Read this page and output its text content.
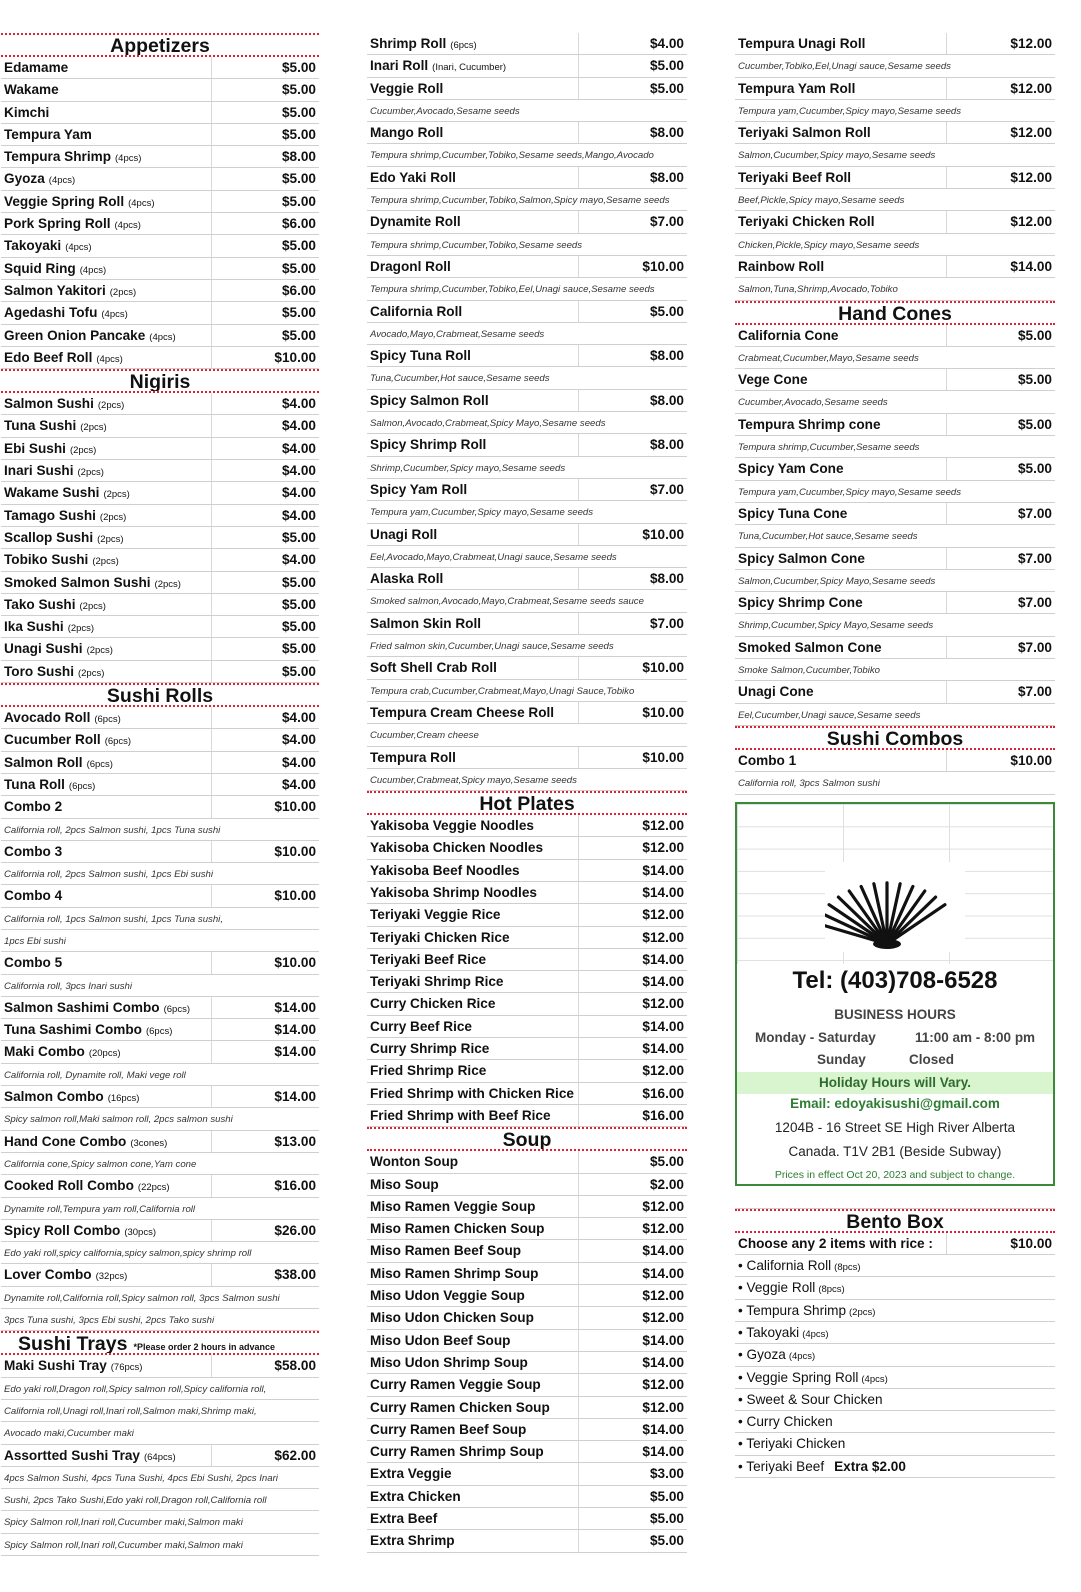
Appetizers
Edamame	$5.00
Wakame	$5.00
Kimchi	$5.00
Tempura Yam	$5.00
Tempura Shrimp (4pcs)	$8.00
Gyoza (4pcs)	$5.00
Veggie Spring Roll (4pcs)	$5.00
Pork Spring Roll (4pcs)	$6.00
Takoyaki (4pcs)	$5.00
Squid Ring (4pcs)	$5.00
Salmon Yakitori (2pcs)	$6.00
Agedashi Tofu (4pcs)	$5.00
Green Onion Pancake (4pcs)	$5.00
Edo Beef Roll (4pcs)	$10.00
Nigiris
Salmon Sushi (2pcs)	$4.00
Tuna Sushi (2pcs)	$4.00
Ebi Sushi (2pcs)	$4.00
Inari Sushi (2pcs)	$4.00
Wakame Sushi (2pcs)	$4.00
Tamago Sushi (2pcs)	$4.00
Scallop Sushi (2pcs)	$5.00
Tobiko Sushi (2pcs)	$4.00
Smoked Salmon Sushi (2pcs)	$5.00
Tako Sushi (2pcs)	$5.00
Ika Sushi (2pcs)	$5.00
Unagi Sushi (2pcs)	$5.00
Toro Sushi (2pcs)	$5.00
Sushi Rolls
Avocado Roll (6pcs)	$4.00
Cucumber Roll (6pcs)	$4.00
Salmon Roll (6pcs)	$4.00
Tuna Roll (6pcs)	$4.00
Combo 2	$10.00
California roll, 2pcs Salmon sushi, 1pcs Tuna sushi
Combo 3	$10.00
California roll, 2pcs Salmon sushi, 1pcs Ebi sushi
Combo 4	$10.00
California roll, 1pcs Salmon sushi, 1pcs Tuna sushi,
1pcs Ebi sushi
Combo 5	$10.00
California roll, 3pcs Inari sushi
Salmon Sashimi Combo (6pcs)	$14.00
Tuna Sashimi Combo (6pcs)	$14.00
Maki Combo (20pcs)	$14.00
California roll, Dynamite roll, Maki vege roll
Salmon Combo (16pcs)	$14.00
Spicy salmon roll,Maki salmon roll, 2pcs salmon sushi
Hand Cone Combo (3cones)	$13.00
California cone,Spicy salmon cone,Yam cone
Cooked Roll Combo (22pcs)	$16.00
Dynamite roll,Tempura yam roll,California roll
Spicy Roll Combo (30pcs)	$26.00
Edo yaki roll,spicy california,spicy salmon,spicy shrimp roll
Lover Combo (32pcs)	$38.00
Dynamite roll,California roll,Spicy salmon roll, 3pcs Salmon sushi
3pcs Tuna sushi, 3pcs Ebi sushi, 2pcs Tako sushi
Sushi Trays *Please order 2 hours in advance
Maki Sushi Tray (76pcs)	$58.00
Edo yaki roll,Dragon roll,Spicy salmon roll,Spicy california roll,
California roll,Unagi roll,Inari roll,Salmon maki,Shrimp maki,
Avocado maki,Cucumber maki
Assortted Sushi Tray (64pcs)	$62.00
4pcs Salmon Sushi, 4pcs Tuna Sushi, 4pcs Ebi Sushi, 2pcs Inari
Sushi, 2pcs Tako Sushi,Edo yaki roll,Dragon roll,California roll
Spicy Salmon roll,Inari roll,Cucumber maki,Salmon maki
Spicy Salmon roll,Inari roll,Cucumber maki,Salmon maki
Shrimp Roll (6pcs)	$4.00
Inari Roll (Inari, Cucumber)	$5.00
Veggie Roll	$5.00
Cucumber,Avocado,Sesame seeds
Mango Roll	$8.00
Tempura shrimp,Cucumber,Tobiko,Sesame seeds,Mango,Avocado
Edo Yaki Roll	$8.00
Tempura shrimp,Cucumber,Tobiko,Salmon,Spicy mayo,Sesame seeds
Dynamite Roll	$7.00
Tempura shrimp,Cucumber,Tobiko,Sesame seeds
Dragonl Roll	$10.00
Tempura shrimp,Cucumber,Tobiko,Eel,Unagi sauce,Sesame seeds
California Roll	$5.00
Avocado,Mayo,Crabmeat,Sesame seeds
Spicy Tuna Roll	$8.00
Tuna,Cucumber,Hot sauce,Sesame seeds
Spicy Salmon Roll	$8.00
Salmon,Avocado,Crabmeat,Spicy Mayo,Sesame seeds
Spicy Shrimp Roll	$8.00
Shrimp,Cucumber,Spicy mayo,Sesame seeds
Spicy Yam Roll	$7.00
Tempura yam,Cucumber,Spicy mayo,Sesame seeds
Unagi Roll	$10.00
Eel,Avocado,Mayo,Crabmeat,Unagi sauce,Sesame seeds
Alaska Roll	$8.00
Smoked salmon,Avocado,Mayo,Crabmeat,Sesame seeds sauce
Salmon Skin Roll	$7.00
Fried salmon skin,Cucumber,Unagi sauce,Sesame seeds
Soft Shell Crab Roll	$10.00
Tempura crab,Cucumber,Crabmeat,Mayo,Unagi Sauce,Tobiko
Tempura Cream Cheese Roll	$10.00
Cucumber,Cream cheese
Tempura Roll	$10.00
Cucumber,Crabmeat,Spicy mayo,Sesame seeds
Hot Plates
Yakisoba Veggie Noodles	$12.00
Yakisoba Chicken Noodles	$12.00
Yakisoba Beef Noodles	$14.00
Yakisoba Shrimp Noodles	$14.00
Teriyaki Veggie Rice	$12.00
Teriyaki Chicken Rice	$12.00
Teriyaki Beef Rice	$14.00
Teriyaki Shrimp Rice	$14.00
Curry Chicken Rice	$12.00
Curry Beef Rice	$14.00
Curry Shrimp Rice	$14.00
Fried Shrimp Rice	$12.00
Fried Shrimp with Chicken Rice	$16.00
Fried Shrimp with Beef Rice	$16.00
Soup
Wonton Soup	$5.00
Miso Soup	$2.00
Miso Ramen Veggie Soup	$12.00
Miso Ramen Chicken Soup	$12.00
Miso Ramen Beef Soup	$14.00
Miso Ramen Shrimp Soup	$14.00
Miso Udon Veggie Soup	$12.00
Miso Udon Chicken Soup	$12.00
Miso Udon Beef Soup	$14.00
Miso Udon Shrimp Soup	$14.00
Curry Ramen Veggie Soup	$12.00
Curry Ramen Chicken Soup	$12.00
Curry Ramen Beef Soup	$14.00
Curry Ramen Shrimp Soup	$14.00
Extra Veggie	$3.00
Extra Chicken	$5.00
Extra Beef	$5.00
Extra Shrimp	$5.00
Tempura Unagi Roll	$12.00
Cucumber,Tobiko,Eel,Unagi sauce,Sesame seeds
Tempura Yam Roll	$12.00
Tempura yam,Cucumber,Spicy mayo,Sesame seeds
Teriyaki Salmon Roll	$12.00
Salmon,Cucumber,Spicy mayo,Sesame seeds
Teriyaki Beef Roll	$12.00
Beef,Pickle,Spicy mayo,Sesame seeds
Teriyaki Chicken Roll	$12.00
Chicken,Pickle,Spicy mayo,Sesame seeds
Rainbow Roll	$14.00
Salmon,Tuna,Shrimp,Avocado,Tobiko
Hand Cones
California Cone	$5.00
Crabmeat,Cucumber,Mayo,Sesame seeds
Vege Cone	$5.00
Cucumber,Avocado,Sesame seeds
Tempura Shrimp cone	$5.00
Tempura shrimp,Cucumber,Sesame seeds
Spicy Yam Cone	$5.00
Tempura yam,Cucumber,Spicy mayo,Sesame seeds
Spicy Tuna Cone	$7.00
Tuna,Cucumber,Hot sauce,Sesame seeds
Spicy Salmon Cone	$7.00
Salmon,Cucumber,Spicy Mayo,Sesame seeds
Spicy Shrimp Cone	$7.00
Shrimp,Cucumber,Spicy Mayo,Sesame seeds
Smoked Salmon Cone	$7.00
Smoke Salmon,Cucumber,Tobiko
Unagi Cone	$7.00
Eel,Cucumber,Unagi sauce,Sesame seeds
Sushi Combos
Combo 1	$10.00
California roll, 3pcs Salmon sushi
Bento Box
Choose any 2 items with rice :	$10.00
• California Roll (8pcs)
• Veggie Roll (8pcs)
• Tempura Shrimp (2pcs)
• Takoyaki (4pcs)
• Gyoza (4pcs)
• Veggie Spring Roll (4pcs)
• Sweet & Sour Chicken
• Curry Chicken
• Teriyaki Chicken
• Teriyaki Beef Extra $2.00
Tel: (403)708-6528
BUSINESS HOURS
Monday - Saturday	11:00 am - 8:00 pm
Sunday	Closed
Holiday Hours will Vary.
Email: edoyakisushi@gmail.com
1204B - 16 Street SE High River Alberta
Canada. T1V 2B1 (Beside Subway)
Prices in effect Oct 20, 2023 and subject to change.
